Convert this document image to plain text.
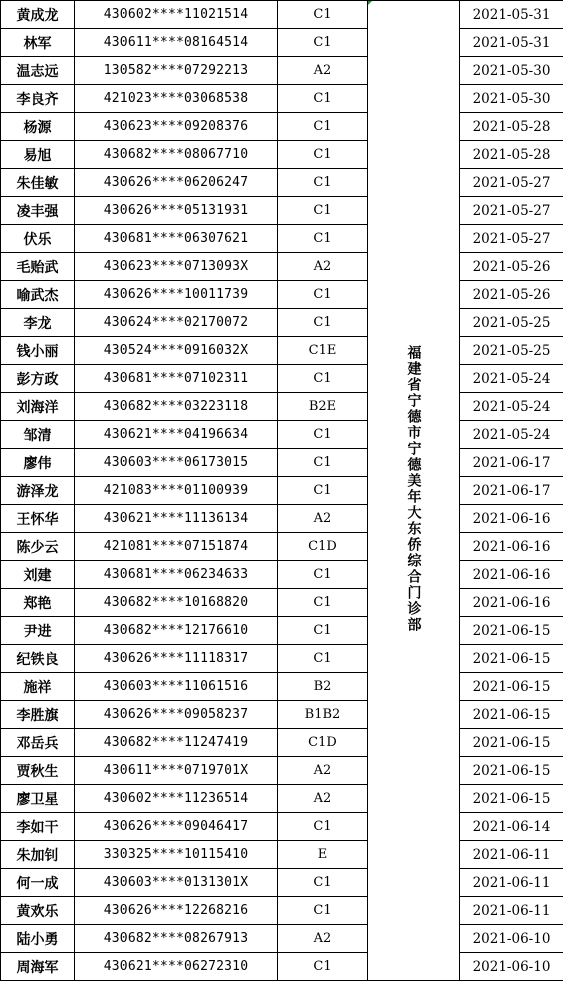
黄成龙	430602****11021514	C1	福建省宁德市宁德美年大东侨综合门诊部	2021-05-31
林军	430611****08164514	C1		2021-05-31
温志远	130582****07292213	A2		2021-05-30
李良齐	421023****03068538	C1		2021-05-30
杨源	430623****09208376	C1		2021-05-28
易旭	430682****08067710	C1		2021-05-28
朱佳敏	430626****06206247	C1		2021-05-27
凌丰强	430626****05131931	C1		2021-05-27
伏乐	430681****06307621	C1		2021-05-27
毛贻武	430623****0713093X	A2		2021-05-26
喻武杰	430626****10011739	C1		2021-05-26
李龙	430624****02170072	C1		2021-05-25
钱小丽	430524****0916032X	C1E		2021-05-25
彭方政	430681****07102311	C1		2021-05-24
刘海洋	430682****03223118	B2E		2021-05-24
邹清	430621****04196634	C1		2021-05-24
廖伟	430603****06173015	C1		2021-06-17
游泽龙	421083****01100939	C1		2021-06-17
王怀华	430621****11136134	A2		2021-06-16
陈少云	421081****07151874	C1D		2021-06-16
刘建	430681****06234633	C1		2021-06-16
郑艳	430682****10168820	C1		2021-06-16
尹进	430682****12176610	C1		2021-06-15
纪铁良	430626****11118317	C1		2021-06-15
施祥	430603****11061516	B2		2021-06-15
李胜旗	430626****09058237	B1B2		2021-06-15
邓岳兵	430682****11247419	C1D		2021-06-15
贾秋生	430611****0719701X	A2		2021-06-15
廖卫星	430602****11236514	A2		2021-06-15
李如干	430626****09046417	C1		2021-06-14
朱加钊	330325****10115410	E		2021-06-11
何一成	430603****0131301X	C1		2021-06-11
黄欢乐	430626****12268216	C1		2021-06-11
陆小勇	430682****08267913	A2		2021-06-10
周海军	430621****06272310	C1		2021-06-10
